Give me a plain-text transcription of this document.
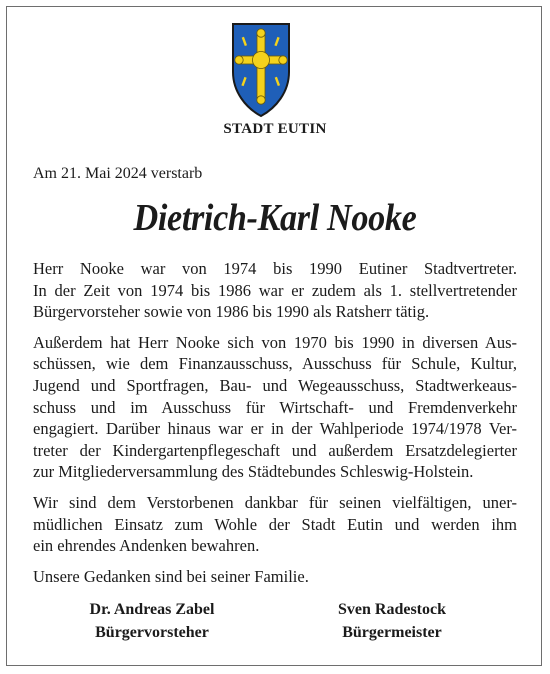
STADT EUTIN
Am 21. Mai 2024 verstarb
Dietrich-Karl Nooke

Herr Nooke war von 1974 bis 1990 Eutiner Stadtvertreter.
In der Zeit von 1974 bis 1986 war er zudem als 1. stellvertretender
Bürgervorsteher sowie von 1986 bis 1990 als Ratsherr tätig.

Außerdem hat Herr Nooke sich von 1970 bis 1990 in diversen Aus-
schüssen, wie dem Finanzausschuss, Ausschuss für Schule, Kultur,
Jugend und Sportfragen, Bau- und Wegeausschuss, Stadtwerkeaus-
schuss und im Ausschuss für Wirtschaft- und Fremdenverkehr
engagiert. Darüber hinaus war er in der Wahlperiode 1974/1978 Ver-
treter der Kindergartenpflegeschaft und außerdem Ersatzdelegierter
zur Mitgliederversammlung des Städtebundes Schleswig-Holstein.

Wir sind dem Verstorbenen dankbar für seinen vielfältigen, uner-
müdlichen Einsatz zum Wohle der Stadt Eutin und werden ihm
ein ehrendes Andenken bewahren.

Unsere Gedanken sind bei seiner Familie.

Dr. Andreas Zabel
Bürgervorsteher
Sven Radestock
Bürgermeister
